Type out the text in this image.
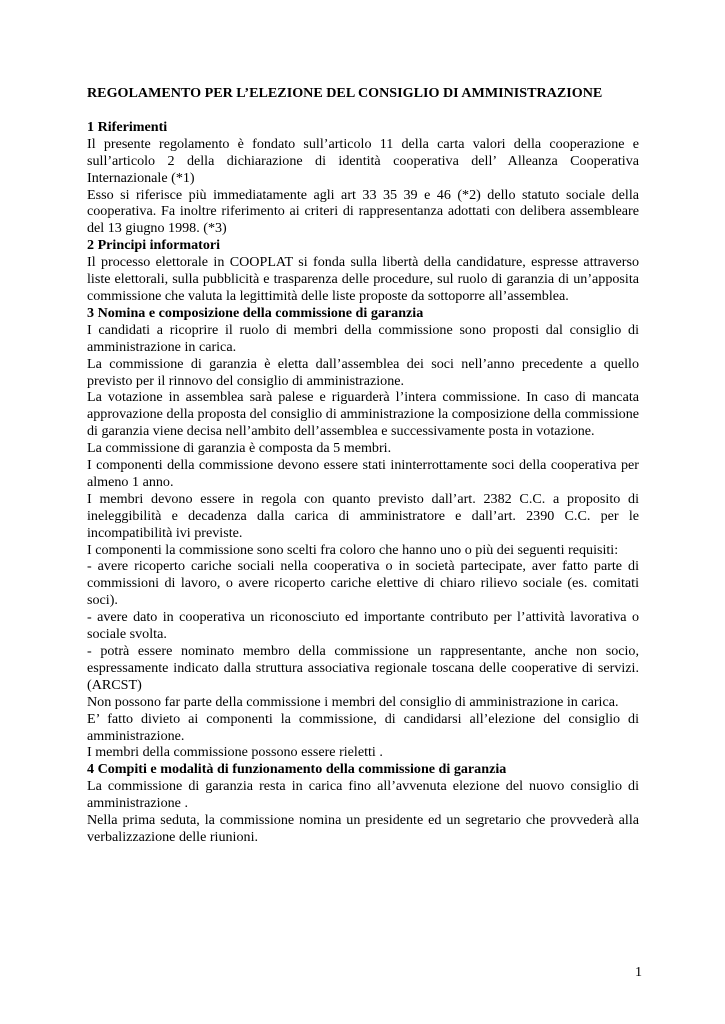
REGOLAMENTO PER L’ELEZIONE DEL CONSIGLIO DI AMMINISTRAZIONE

1 Riferimenti

Il presente regolamento è fondato sull’articolo 11 della carta valori della cooperazione e sull’articolo 2 della dichiarazione di identità cooperativa dell’ Alleanza Cooperativa Internazionale (*1)

Esso si riferisce più immediatamente agli art 33 35 39 e 46 (*2) dello statuto sociale della cooperativa. Fa inoltre riferimento ai criteri di rappresentanza adottati con delibera assembleare del 13 giugno 1998. (*3)

2 Principi informatori

Il processo elettorale in COOPLAT si fonda sulla libertà della candidature, espresse attraverso liste elettorali, sulla pubblicità e trasparenza delle procedure, sul ruolo di garanzia di un’apposita commissione che valuta la legittimità delle liste proposte da sottoporre all’assemblea.

3 Nomina e composizione della commissione di garanzia

I candidati a ricoprire il ruolo di membri della commissione sono proposti dal consiglio di amministrazione in carica.

La commissione di garanzia è eletta dall’assemblea dei soci nell’anno precedente a quello previsto per il rinnovo del consiglio di amministrazione.

La votazione in assemblea sarà palese e riguarderà l’intera commissione. In caso di mancata approvazione della proposta del consiglio di amministrazione la composizione della commissione di garanzia viene decisa nell’ambito dell’assemblea e successivamente posta in votazione.

La commissione di garanzia è composta da 5 membri.

I componenti della commissione devono essere stati ininterrottamente soci della cooperativa per almeno 1 anno.

I membri devono essere in regola con quanto previsto dall’art. 2382 C.C. a proposito di ineleggibilità e decadenza dalla carica di amministratore e dall’art. 2390 C.C. per le incompatibilità ivi previste.

I componenti la commissione sono scelti fra coloro che hanno uno o più dei seguenti requisiti:

- avere ricoperto cariche sociali nella cooperativa o in società partecipate, aver fatto parte di commissioni di lavoro, o avere ricoperto cariche elettive di chiaro rilievo sociale (es. comitati soci).

- avere dato in cooperativa un riconosciuto ed importante contributo per l’attività lavorativa o sociale svolta.

- potrà essere nominato membro della commissione un rappresentante, anche non socio, espressamente indicato dalla struttura associativa regionale toscana delle cooperative di servizi. (ARCST)

Non possono far parte della commissione i membri del consiglio di amministrazione in carica.

E’ fatto divieto ai componenti la commissione, di candidarsi all’elezione del consiglio di amministrazione.

I membri della commissione possono essere rieletti .

4 Compiti e modalità di funzionamento della commissione di garanzia

La commissione di garanzia resta in carica fino all’avvenuta elezione del nuovo consiglio di amministrazione .

Nella prima seduta, la commissione nomina un presidente ed un segretario che provvederà alla verbalizzazione delle riunioni.

1
